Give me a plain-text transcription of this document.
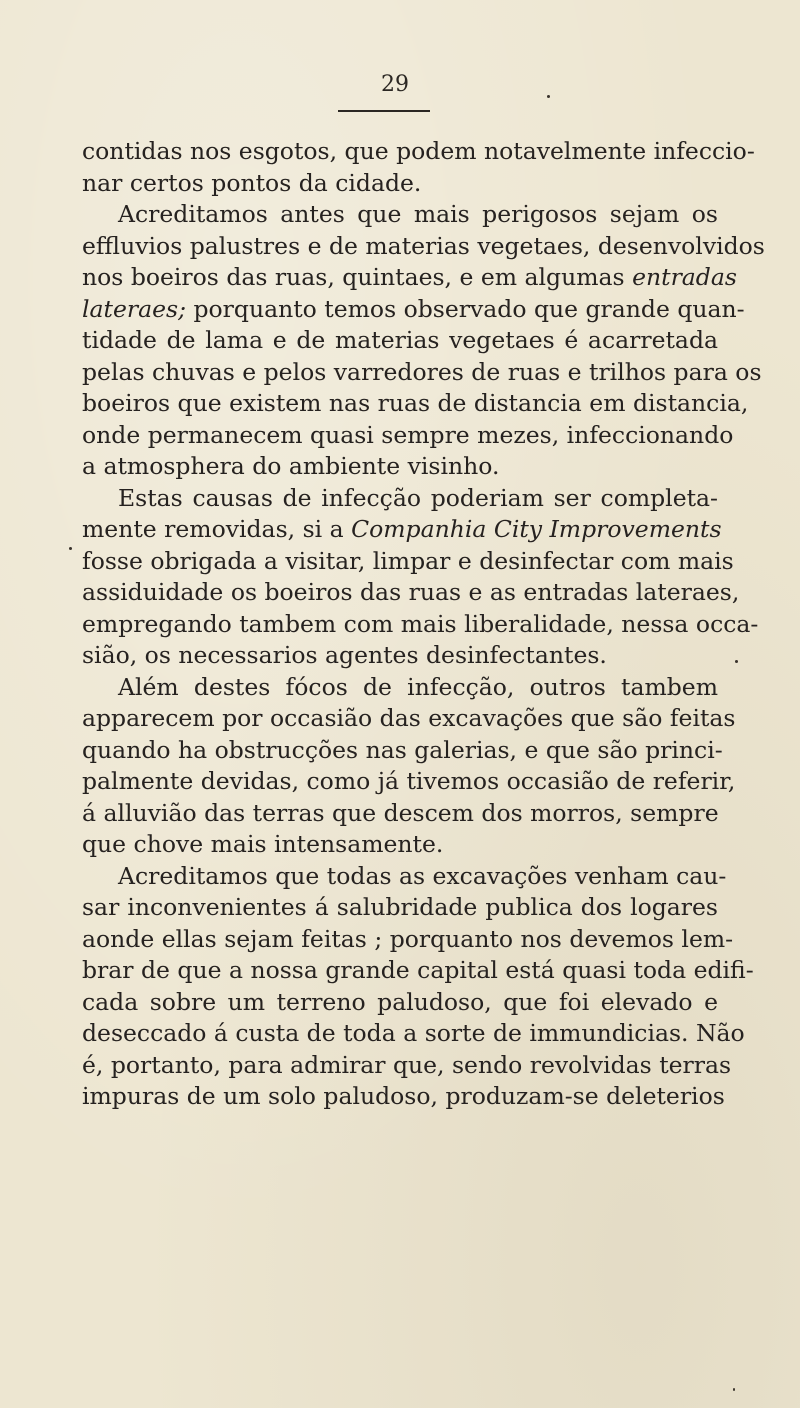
29
contidas nos esgotos, que podem notavelmente infeccio-
nar certos pontos da cidade.
Acreditamos antes que mais perigosos sejam os
effluvios palustres e de materias vegetaes, desenvolvidos
nos boeiros das ruas, quintaes, e em algumas entradas
lateraes; porquanto temos observado que grande quan-
tidade de lama e de materias vegetaes é acarretada
pelas chuvas e pelos varredores de ruas e trilhos para os
boeiros que existem nas ruas de distancia em distancia,
onde permanecem quasi sempre mezes, infeccionando
a atmosphera do ambiente visinho.
Estas causas de infecção poderiam ser completa-
mente removidas, si a Companhia City Improvements
fosse obrigada a visitar, limpar e desinfectar com mais
assiduidade os boeiros das ruas e as entradas lateraes,
empregando tambem com mais liberalidade, nessa occa-
sião, os necessarios agentes desinfectantes.
Além destes fócos de infecção, outros tambem
apparecem por occasião das excavações que são feitas
quando ha obstrucções nas galerias, e que são princi-
palmente devidas, como já tivemos occasião de referir,
á alluvião das terras que descem dos morros, sempre
que chove mais intensamente.
Acreditamos que todas as excavações venham cau-
sar inconvenientes á salubridade publica dos logares
aonde ellas sejam feitas ; porquanto nos devemos lem-
brar de que a nossa grande capital está quasi toda edifi-
cada sobre um terreno paludoso, que foi elevado e
deseccado á custa de toda a sorte de immundicias. Não
é, portanto, para admirar que, sendo revolvidas terras
impuras de um solo paludoso, produzam-se deleterios
